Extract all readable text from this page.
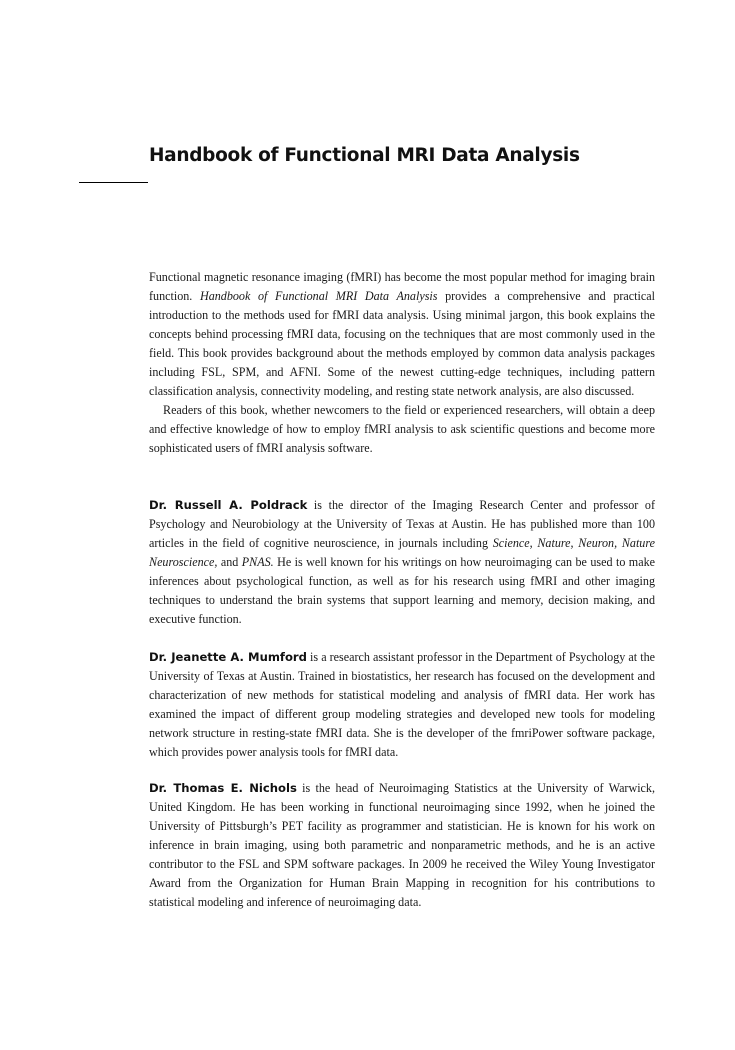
Handbook of Functional MRI Data Analysis

Functional magnetic resonance imaging (fMRI) has become the most popular method for imaging brain function. Handbook of Functional MRI Data Analysis provides a comprehensive and practical introduction to the methods used for fMRI data analysis. Using minimal jargon, this book explains the concepts behind processing fMRI data, focusing on the techniques that are most commonly used in the field. This book provides background about the methods employed by common data analysis packages including FSL, SPM, and AFNI. Some of the newest cutting-edge techniques, including pattern classification analysis, connectivity modeling, and resting state network analysis, are also discussed.

Readers of this book, whether newcomers to the field or experienced researchers, will obtain a deep and effective knowledge of how to employ fMRI analysis to ask scientific questions and become more sophisticated users of fMRI analysis software.

Dr. Russell A. Poldrack is the director of the Imaging Research Center and professor of Psychology and Neurobiology at the University of Texas at Austin. He has published more than 100 articles in the field of cognitive neuroscience, in journals including Science, Nature, Neuron, Nature Neuroscience, and PNAS. He is well known for his writings on how neuroimaging can be used to make inferences about psychological function, as well as for his research using fMRI and other imaging techniques to understand the brain systems that support learning and memory, decision making, and executive function.

Dr. Jeanette A. Mumford is a research assistant professor in the Department of Psychology at the University of Texas at Austin. Trained in biostatistics, her research has focused on the development and characterization of new methods for statistical modeling and analysis of fMRI data. Her work has examined the impact of different group modeling strategies and developed new tools for modeling network structure in resting-state fMRI data. She is the developer of the fmriPower software package, which provides power analysis tools for fMRI data.

Dr. Thomas E. Nichols is the head of Neuroimaging Statistics at the University of Warwick, United Kingdom. He has been working in functional neuroimaging since 1992, when he joined the University of Pittsburgh’s PET facility as programmer and statistician. He is known for his work on inference in brain imaging, using both parametric and nonparametric methods, and he is an active contributor to the FSL and SPM software packages. In 2009 he received the Wiley Young Investigator Award from the Organization for Human Brain Mapping in recognition for his contributions to statistical modeling and inference of neuroimaging data.
